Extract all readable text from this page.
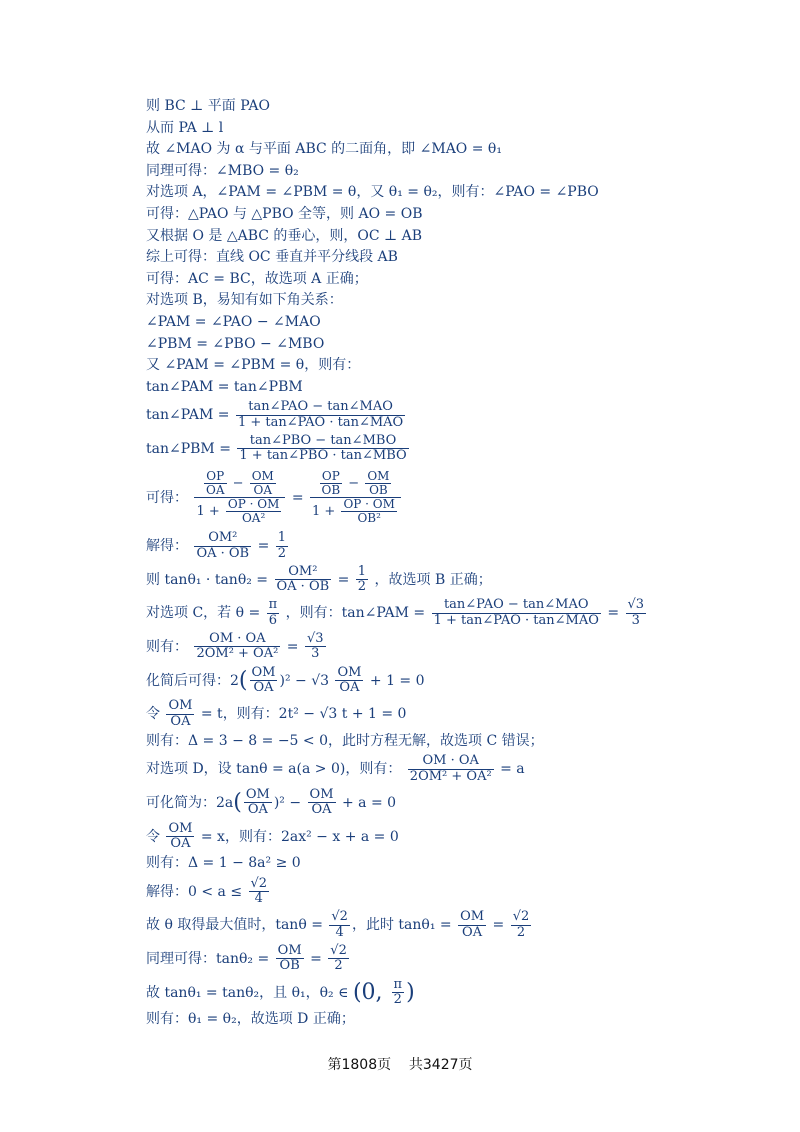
则 BC ⊥ 平面 PAO
从而 PA ⊥ l
故 ∠MAO 为 α 与平面 ABC 的二面角，即 ∠MAO = θ₁
同理可得：∠MBO = θ₂
对选项 A，∠PAM = ∠PBM = θ，又 θ₁ = θ₂，则有：∠PAO = ∠PBO
可得：△PAO 与 △PBO 全等，则 AO = OB
又根据 O 是 △ABC 的垂心，则，OC ⊥ AB
综上可得：直线 OC 垂直并平分线段 AB
可得：AC = BC，故选项 A 正确；
对选项 B，易知有如下角关系：
∠PAM = ∠PAO − ∠MAO
∠PBM = ∠PBO − ∠MBO
又 ∠PAM = ∠PBM = θ，则有：
tan∠PAM = tan∠PBM
tan∠PAM = $\frac{\text{tan∠PAO − tan∠MAO}}{\text{1 + tan∠PAO · tan∠MAO}}$
tan∠PBM = $\frac{\text{tan∠PBO − tan∠MBO}}{\text{1 + tan∠PBO · tan∠MBO}}$
可得： $\frac{\frac{OP}{OA} - \frac{OM}{OA}}{1 + \frac{OP \cdot OM}{\text{OA²}}} = \frac{\frac{OP}{OB} - \frac{OM}{OB}}{1 + \frac{OP \cdot OM}{\text{OB²}}}$
解得： $\frac{\text{OM²}}{OA \cdot OB} = \frac{1}{2}$
则 $\tan\theta_1 \cdot \tan\theta_2 = \frac{\text{OM²}}{OA \cdot OB} = \frac{1}{2}$ ，故选项 B 正确；
对选项 C，若 $\theta = \frac{\pi}{6}$ ，则有：tan∠PAM = $\frac{\text{tan∠PAO − tan∠MAO}}{\text{1 + tan∠PAO · tan∠MAO}} = \frac{√3}{3}$
则有： $\frac{OM \cdot OA}{\text{2OM² + OA²}} = \frac{√3}{3}$
化简后可得：$2( \frac{OM}{OA} )^2 - √3 \frac{OM}{OA} + 1 = 0$
令 $\frac{OM}{OA} = t$，则有：2t² − √3 t + 1 = 0
则有：Δ = 3 − 8 = −5 < 0，此时方程无解，故选项 C 错误；
对选项 D，设 tanθ = a(a > 0)，则有： $\frac{OM \cdot OA}{\text{2OM² + OA²}} = a$
可化简为：$2a( \frac{OM}{OA} )^2 - \frac{OM}{OA} + a = 0$
令 $\frac{OM}{OA} = x$，则有：2ax² − x + a = 0
则有：Δ = 1 − 8a² ≥ 0
解得：$0 < a \le \frac{√2}{4}$
故 θ 取得最大值时，$\tan\theta = \frac{√2}{4}$ ，此时 $\tan\theta_1 = \frac{OM}{OA} = \frac{√2}{2}$
同理可得：$\tan\theta_2 = \frac{OM}{OB} = \frac{√2}{2}$
故 tanθ₁ = tanθ₂，且 θ₁，θ₂ ∈ (0, $\frac{\pi}{2}$ )
则有：θ₁ = θ₂，故选项 D 正确；
第1808页    共3427页
